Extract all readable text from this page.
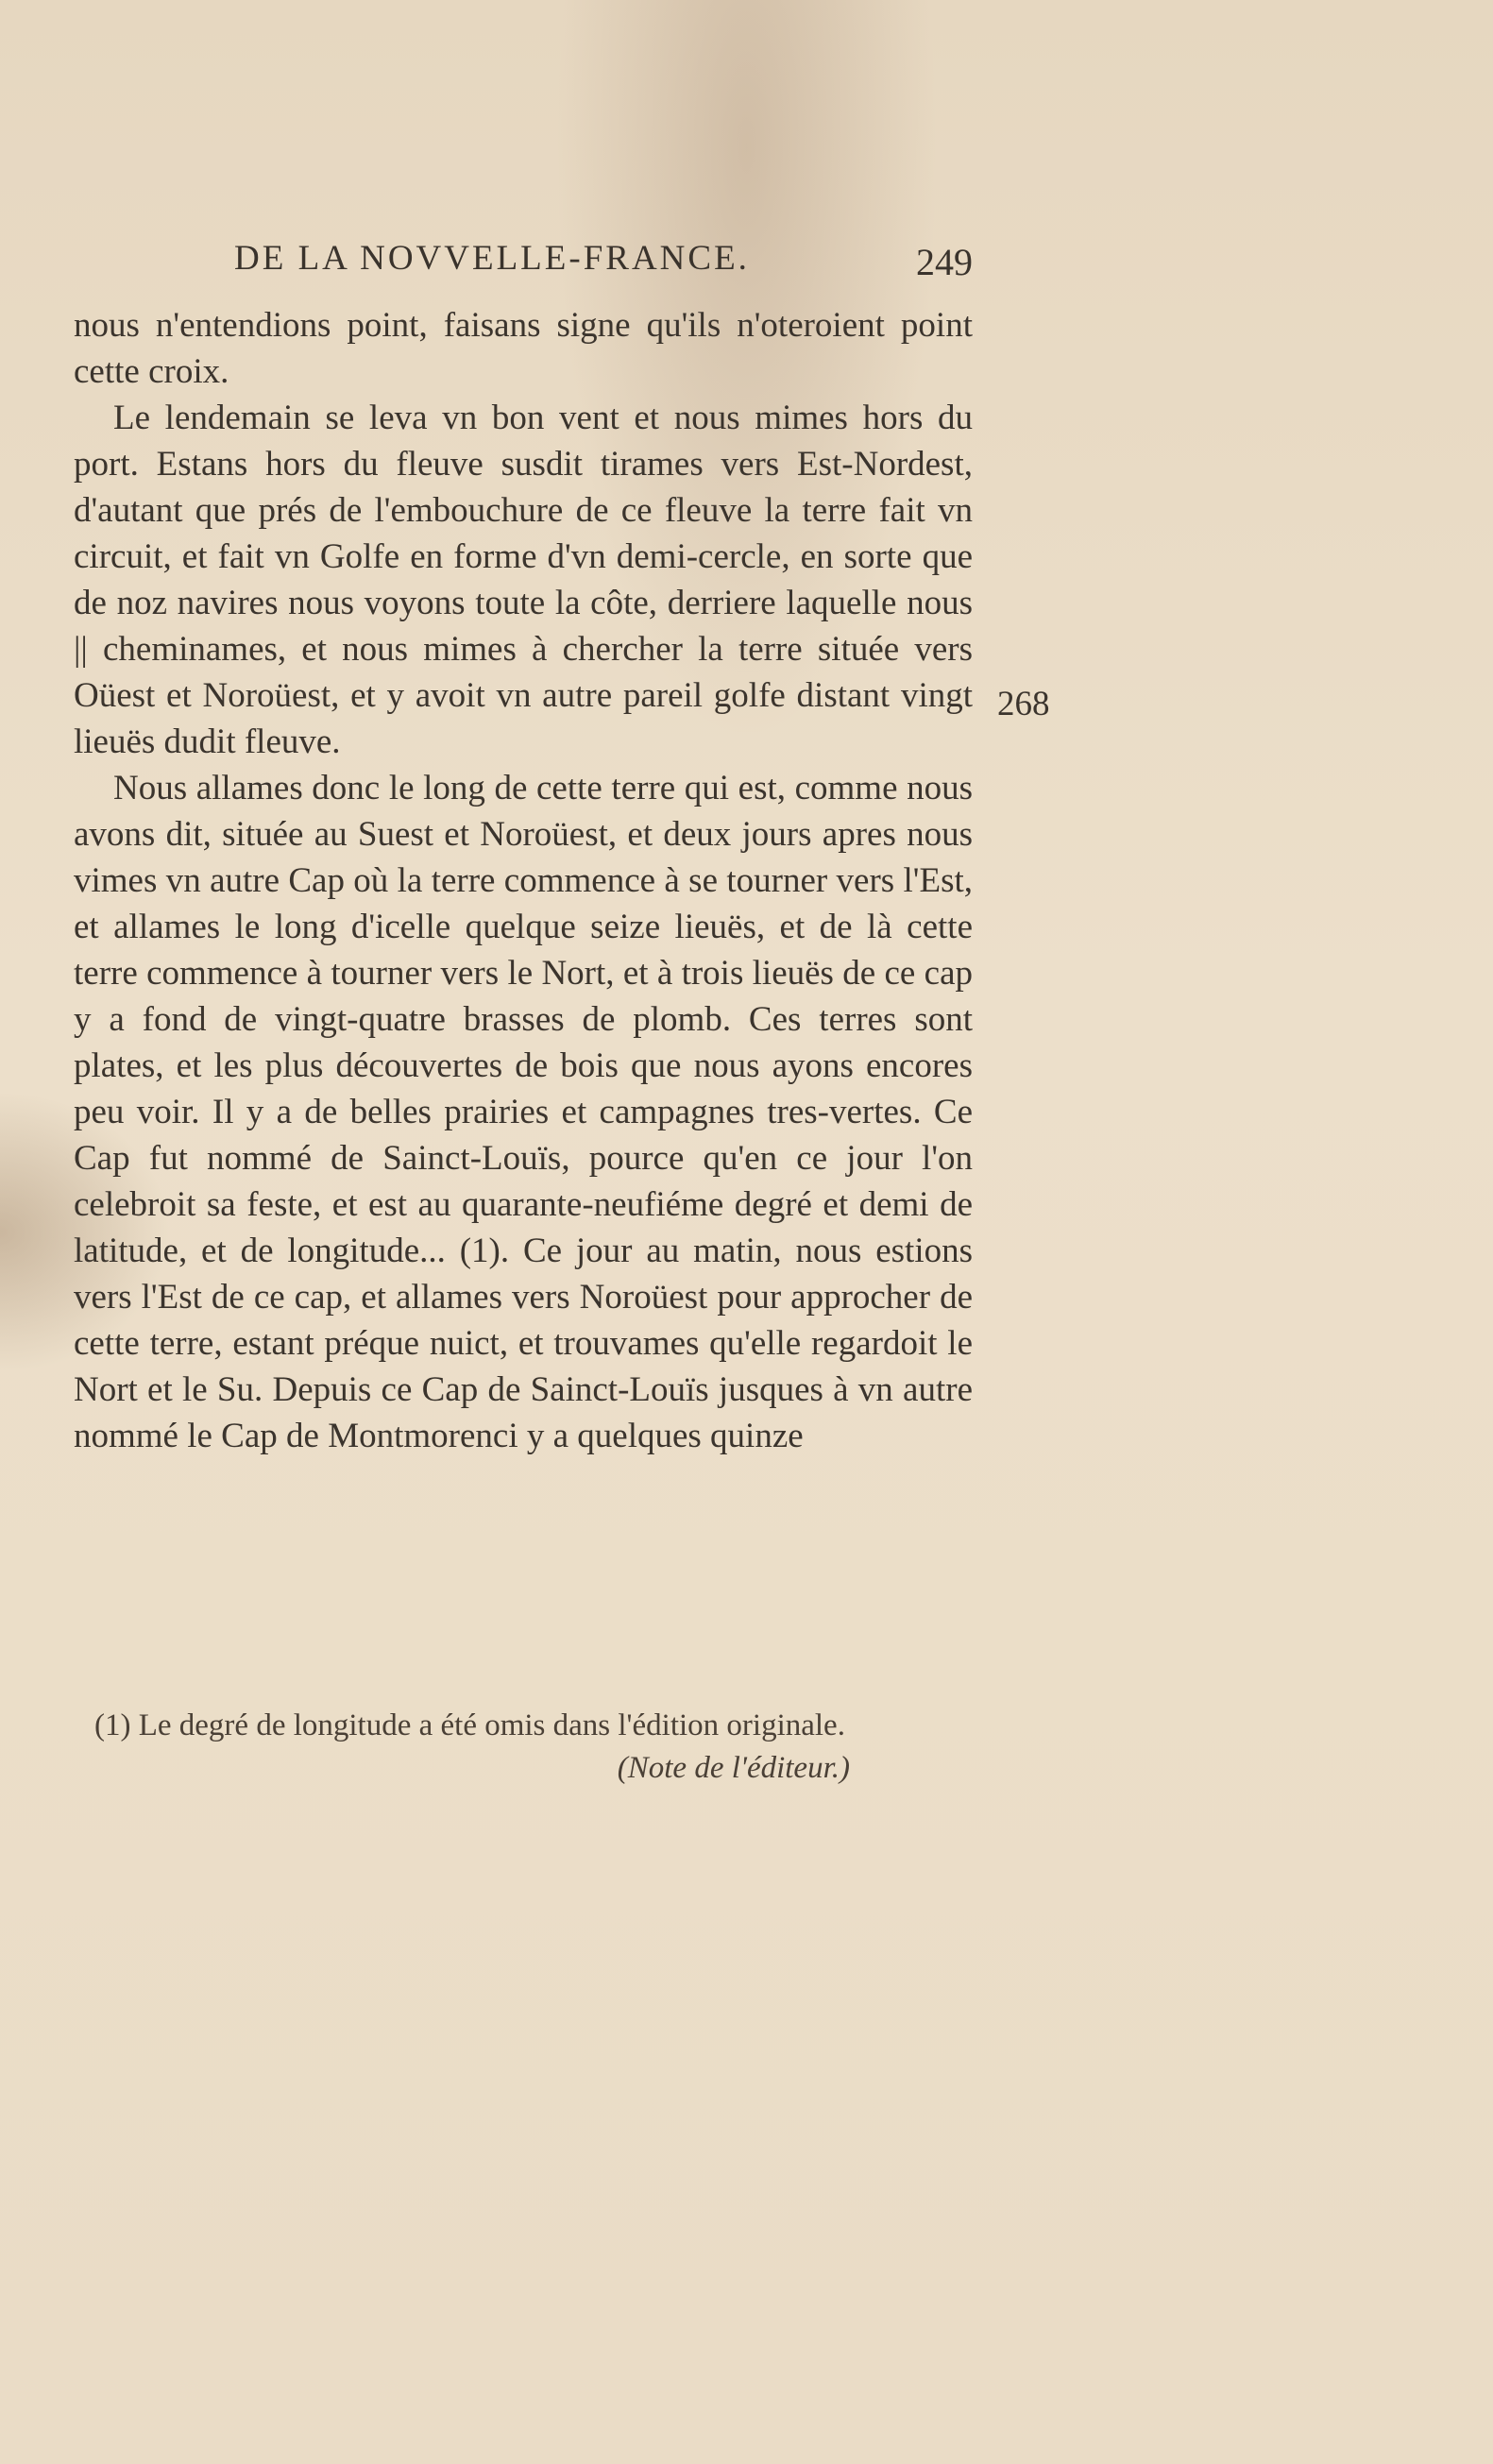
DE LA NOVVELLE-FRANCE.	249

nous n'entendions point, faisans signe qu'ils n'oteroient point cette croix.

Le lendemain se leva vn bon vent et nous mimes hors du port. Estans hors du fleuve susdit tirames vers Est-Nordest, d'autant que prés de l'embouchure de ce fleuve la terre fait vn circuit, et fait vn Golfe en forme d'vn demi-cercle, en sorte que de noz navires nous voyons toute la côte, derriere laquelle nous || cheminames, et nous mimes à chercher la terre située vers Oüest et Noroüest, et y avoit vn autre pareil golfe distant vingt lieuës dudit fleuve.

Nous allames donc le long de cette terre qui est, comme nous avons dit, située au Suest et Noroüest, et deux jours apres nous vimes vn autre Cap où la terre commence à se tourner vers l'Est, et allames le long d'icelle quelque seize lieuës, et de là cette terre commence à tourner vers le Nort, et à trois lieuës de ce cap y a fond de vingt-quatre brasses de plomb. Ces terres sont plates, et les plus découvertes de bois que nous ayons encores peu voir. Il y a de belles prairies et campagnes tres-vertes. Ce Cap fut nommé de Sainct-Louïs, pource qu'en ce jour l'on celebroit sa feste, et est au quarante-neufiéme degré et demi de latitude, et de longitude... (1). Ce jour au matin, nous estions vers l'Est de ce cap, et allames vers Noroüest pour approcher de cette terre, estant préque nuict, et trouvames qu'elle regardoit le Nort et le Su. Depuis ce Cap de Sainct-Louïs jusques à vn autre nommé le Cap de Montmorenci y a quelques quinze

268
(1) Le degré de longitude a été omis dans l'édition originale.
(Note de l'éditeur.)
